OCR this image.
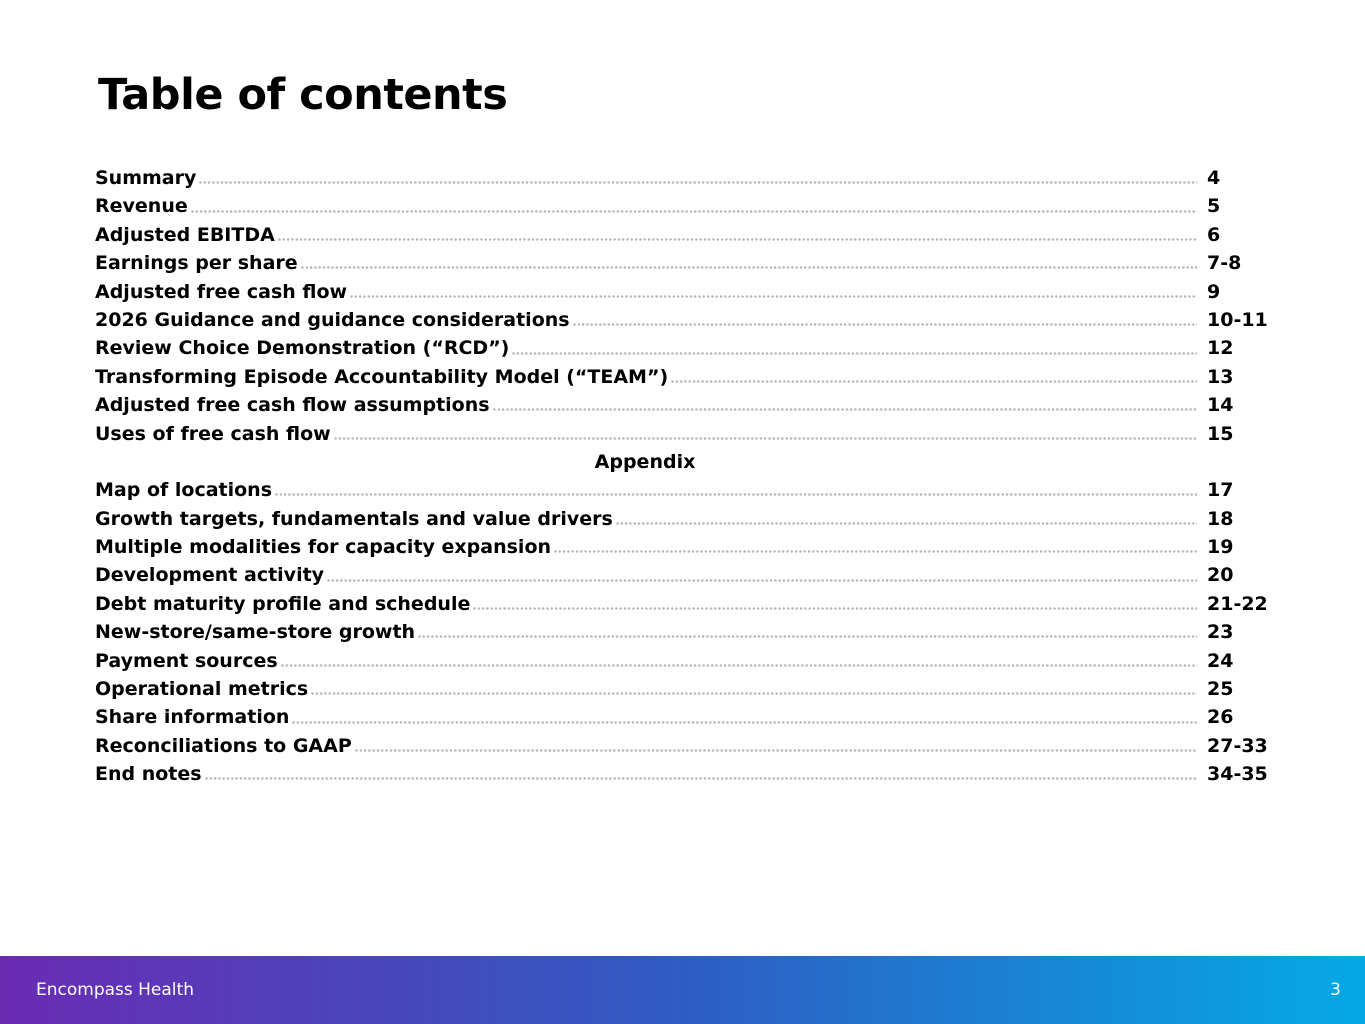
Table of contents
Summary	4
Revenue	5
Adjusted EBITDA	6
Earnings per share	7-8
Adjusted free cash flow	9
2026 Guidance and guidance considerations	10-11
Review Choice Demonstration (“RCD”)	12
Transforming Episode Accountability Model (“TEAM”)	13
Adjusted free cash flow assumptions	14
Uses of free cash flow	15
Appendix
Map of locations	17
Growth targets, fundamentals and value drivers	18
Multiple modalities for capacity expansion	19
Development activity	20
Debt maturity profile and schedule	21-22
New-store/same-store growth	23
Payment sources	24
Operational metrics	25
Share information	26
Reconciliations to GAAP	27-33
End notes	34-35
Encompass Health	3
